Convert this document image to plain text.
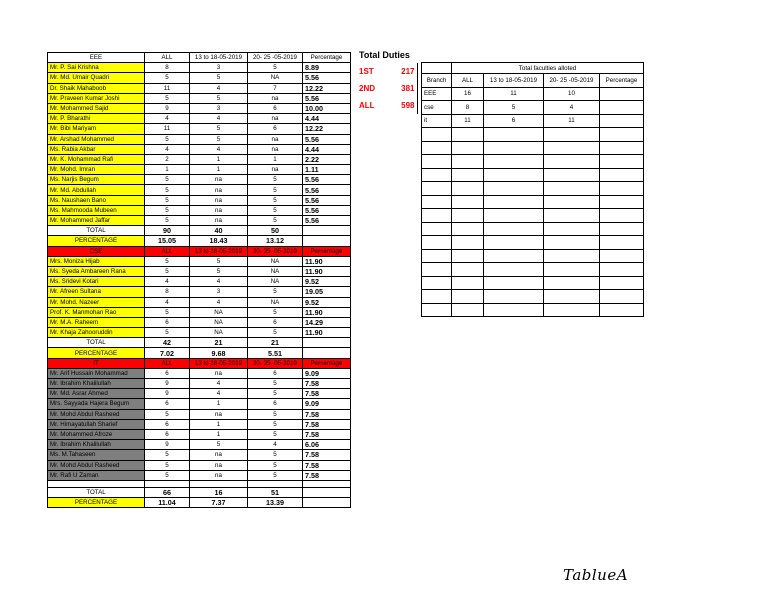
EEE	ALL	13 to 18-05-2019	20- 25 -05-2019	Percentage
Mr. P. Sai Krishna	8	3	5	8.89
Mr. Md. Umair Quadri	5	5	NA	5.56
Dr. Shaik Mahaboob	11	4	7	12.22
Mr. Praveen Kumar Joshi	5	5	na	5.56
Mr. Mohammed Sajid	9	3	6	10.00
Mr. P. Bharathi	4	4	na	4.44
Mr. Bibi Mariyam	11	5	6	12.22
Mr. Arshad Mohammed	5	5	na	5.56
Ms. Rabia Akbar	4	4	na	4.44
Mr. K. Mohammad Rafi	2	1	1	2.22
Mr. Mohd. Imran	1	1	na	1.11
Ms. Narjis Begum	5	na	5	5.56
Mr. Md. Abdullah	5	na	5	5.56
Ms. Naushaen Bano	5	na	5	5.56
Ms. Mahmooda Mubeen	5	na	5	5.56
Mr. Mohammed Jaffar	5	na	5	5.56
TOTAL	90	40	50	
PERCENTAGE	15.05	18.43	13.12	
CSE	ALL	13 to 18-05-2019	20- 25 -05-2019	Percentage
Mrs. Moniza Hijab	5	5	NA	11.90
Ms. Syeda Ambareen Rana	5	5	NA	11.90
Ms. Sridevi Kotari	4	4	NA	9.52
Mr. Afreen Sultana	8	3	5	19.05
Mr. Mohd. Nazeer	4	4	NA	9.52
Prof. K. Manmohan Rao	5	NA	5	11.90
Mr. M.A. Raheem	6	NA	6	14.29
Mr. Khaja Zahooruddin	5	NA	5	11.90
TOTAL	42	21	21	
PERCENTAGE	7.02	9.68	5.51	
IT	ALL	13 to 18-05-2019	20- 25 -05-2019	Percentage
Mr. Arif Hussain Mohammad	6	na	6	9.09
Mr. Ibrahim Khalilullah	9	4	5	7.58
Mr. Md. Asrar Ahmed	9	4	5	7.58
Mrs. Sayyada Hajera Begum	6	1	6	9.09
Mr. Mohd Abdul Rasheed	5	na	5	7.58
Mr. Himayatullah Sharief	6	1	5	7.58
Mr. Mohammed Afroze	6	1	5	7.58
Mr. Ibrahim Khalilullah	9	5	4	6.06
Ms. M.Tahaseen	5	na	5	7.58
Mr. Mohd Abdul Rasheed	5	na	5	7.58
Mr. Rafi U Zaman	5	na	5	7.58

TOTAL	66	16	51	
PERCENTAGE	11.04	7.37	13.39	
Total Duties	
1ST	217
2ND	381
ALL	598
	Total faculties alloted			
Branch	ALL	13 to 18-05-2019	20- 25 -05-2019	Percentage
EEE	16	11	10	
cse	8	5	4	
it	11	6	11	

TablueA
